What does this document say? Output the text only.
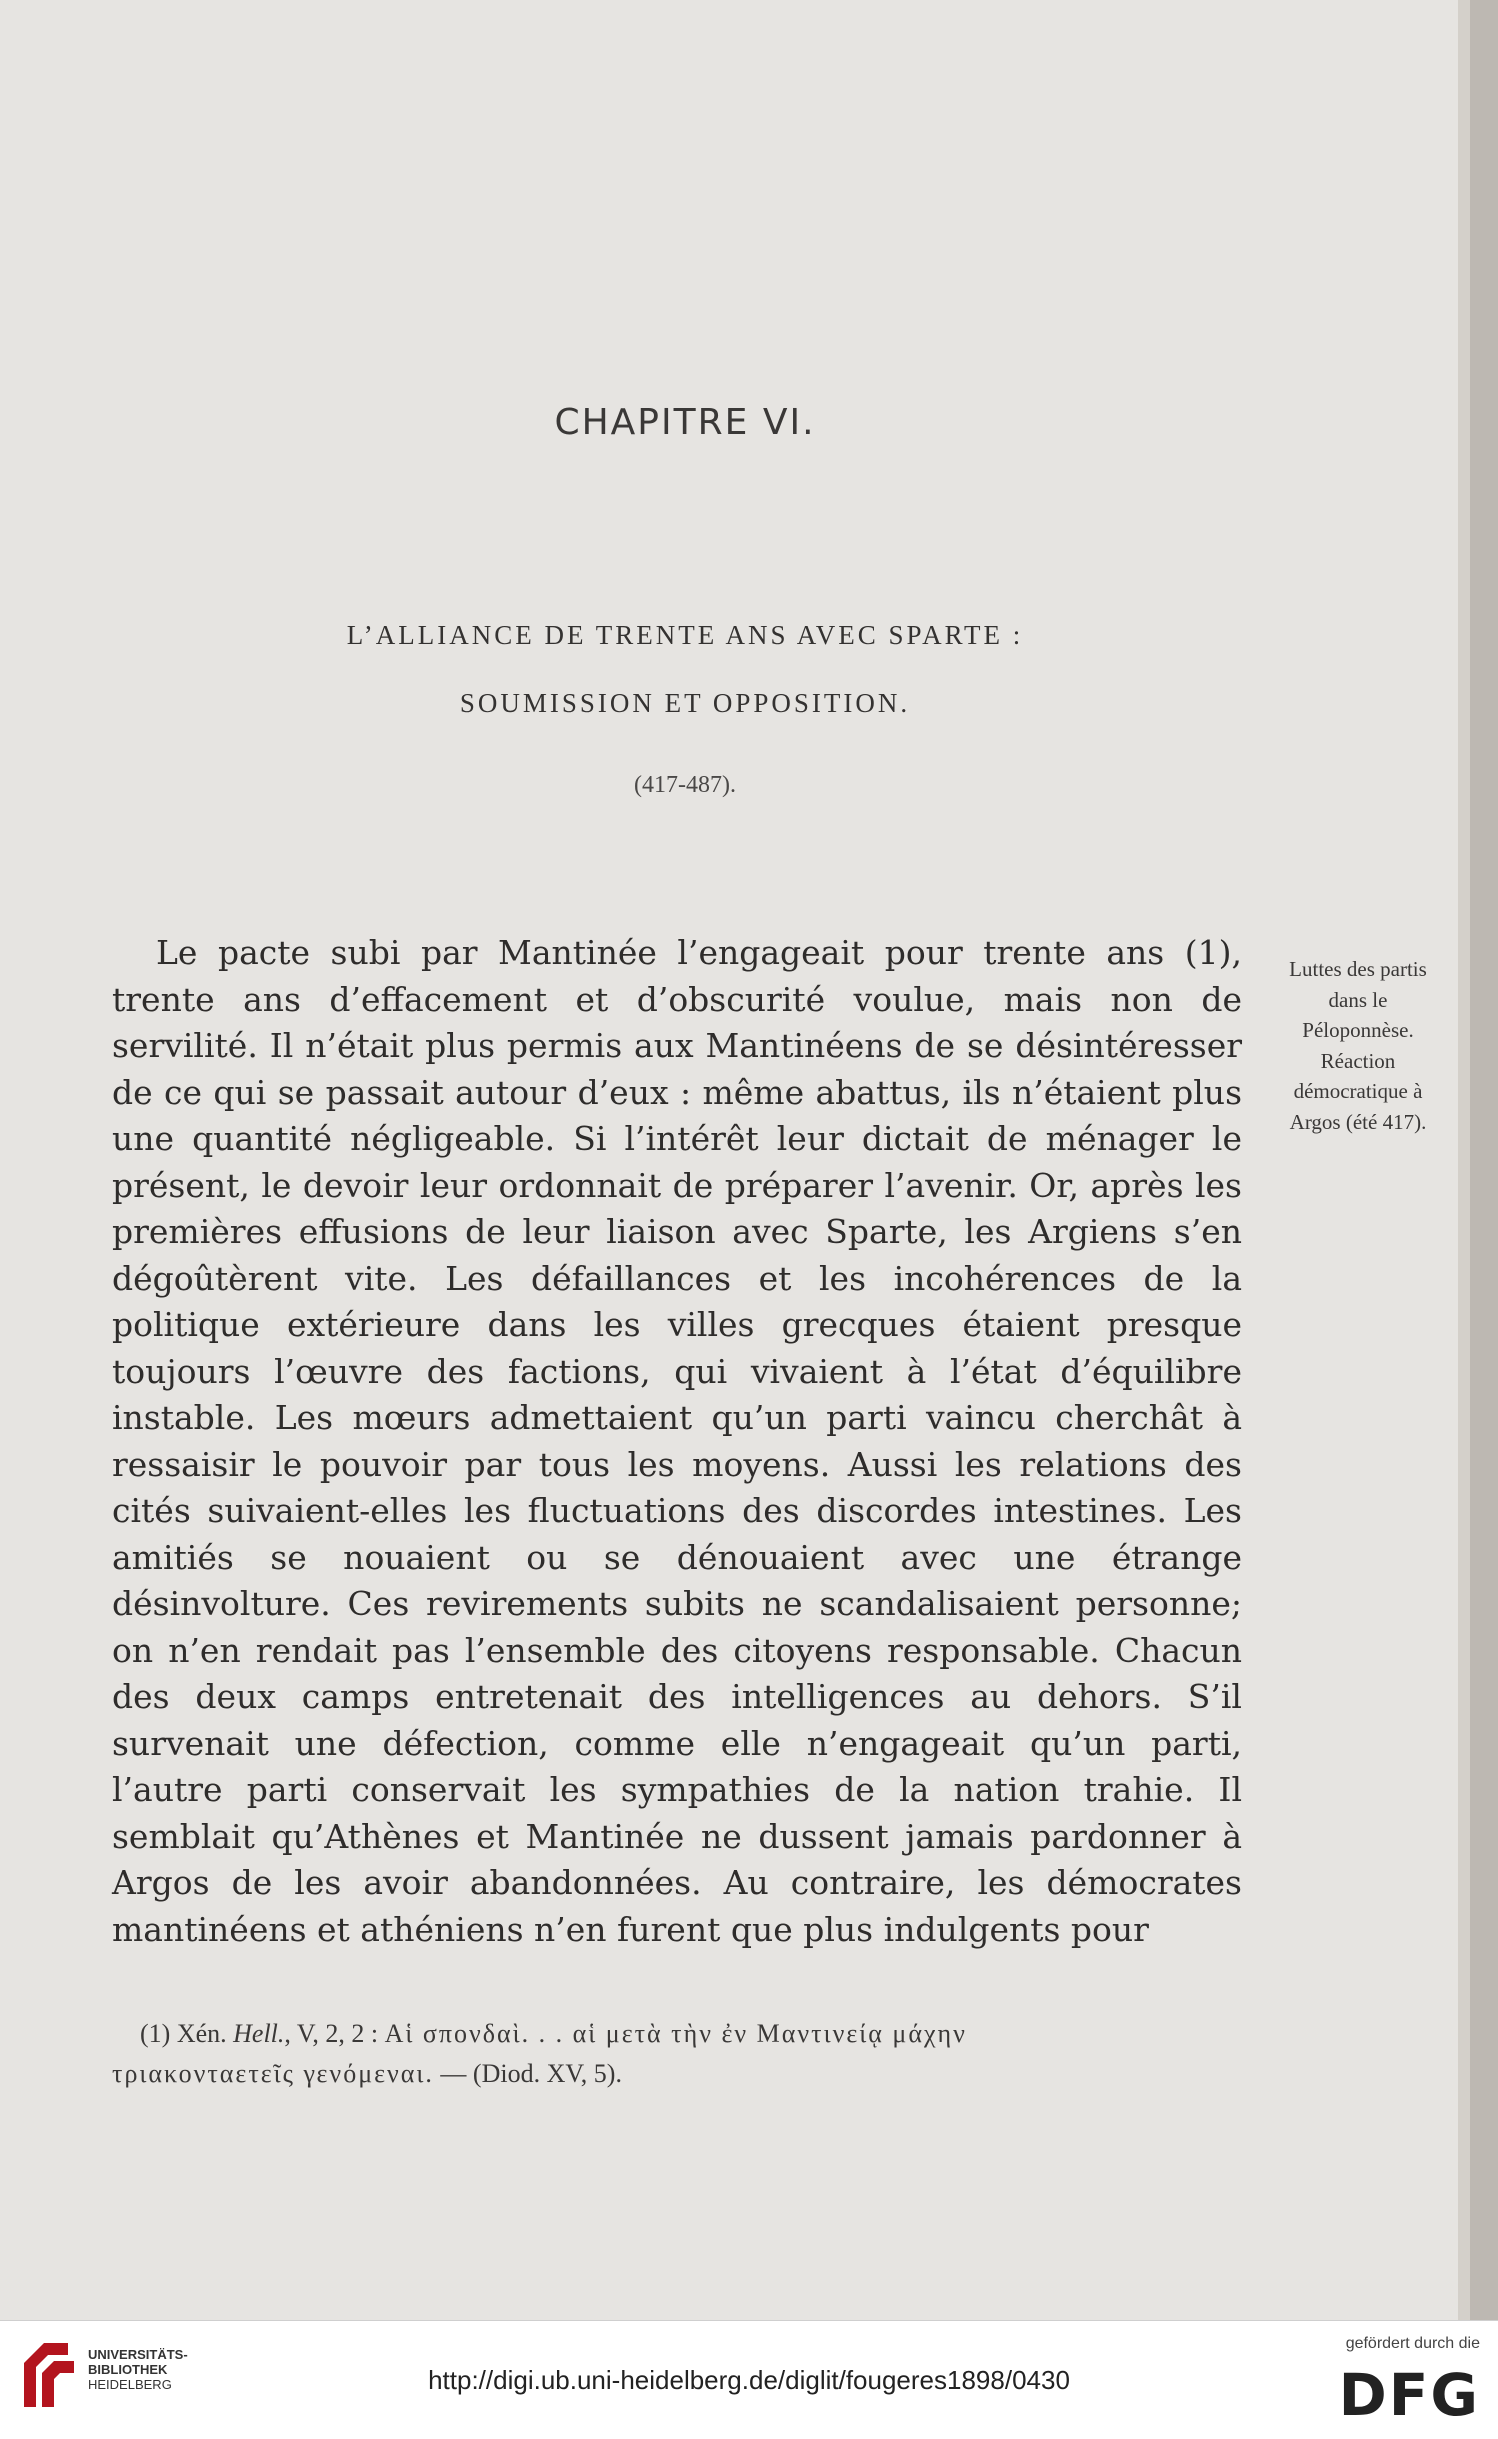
CHAPITRE VI.
L’ALLIANCE DE TRENTE ANS AVEC SPARTE :
SOUMISSION ET OPPOSITION.
(417-487).

Le pacte subi par Mantinée l’engageait pour trente ans (1), trente ans d’effacement et d’obscurité voulue, mais non de servilité. Il n’était plus permis aux Mantinéens de se désintéresser de ce qui se passait autour d’eux : même abattus, ils n’étaient plus une quantité négligeable. Si l’intérêt leur dictait de ménager le présent, le devoir leur ordonnait de préparer l’avenir. Or, après les premières effusions de leur liaison avec Sparte, les Argiens s’en dégoûtèrent vite. Les défaillances et les incohérences de la politique extérieure dans les villes grecques étaient presque toujours l’œuvre des factions, qui vivaient à l’état d’équilibre instable. Les mœurs admettaient qu’un parti vaincu cherchât à ressaisir le pouvoir par tous les moyens. Aussi les relations des cités suivaient-elles les fluctuations des discordes intestines. Les amitiés se nouaient ou se dénouaient avec une étrange désinvolture. Ces revirements subits ne scandalisaient personne; on n’en rendait pas l’ensemble des citoyens responsable. Chacun des deux camps entretenait des intelligences au dehors. S’il survenait une défection, comme elle n’engageait qu’un parti, l’autre parti conservait les sympathies de la nation trahie. Il semblait qu’Athènes et Mantinée ne dussent jamais pardonner à Argos de les avoir abandonnées. Au contraire, les démocrates mantinéens et athéniens n’en furent que plus indulgents pour

Luttes des partis
dans le
Péloponnèse.
Réaction
démocratique à
Argos (été 417).
(1) Xén. Hell., V, 2, 2 : Αἱ σπονδαὶ. . . αἱ μετὰ τὴν ἐν Μαντινείᾳ μάχην
τριακονταετεῖς γενόμεναι. — (Diod. XV, 5).
UNIVERSITÄTS-
BIBLIOTHEK
HEIDELBERG	http://digi.ub.uni-heidelberg.de/diglit/fougeres1898/0430
gefördert durch die
DFG
